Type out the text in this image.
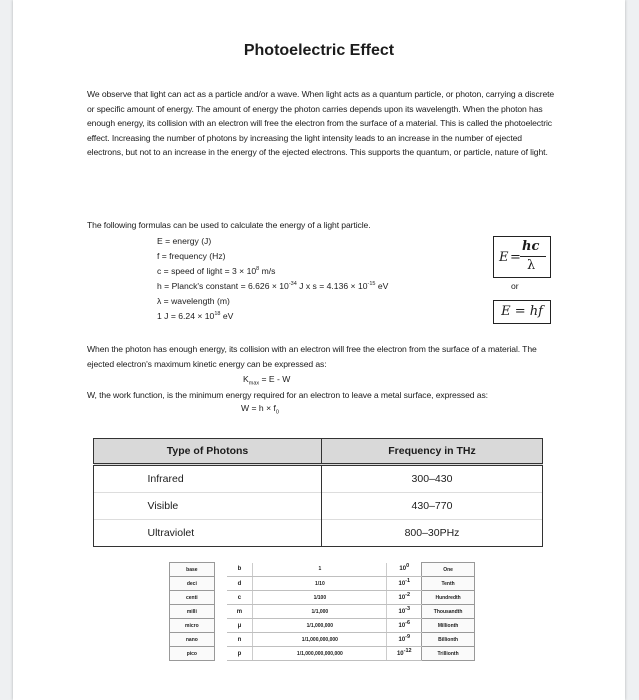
Photoelectric Effect

We observe that light can act as a particle and/or a wave. When light acts as a quantum particle, or photon, carrying a discrete or specific amount of energy. The amount of energy the photon carries depends upon its wavelength. When the photon has enough energy, its collision with an electron will free the electron from the surface of a material. This is called the photoelectric effect. Increasing the number of photons by increasing the light intensity leads to an increase in the number of ejected electrons, but not to an increase in the energy of the ejected electrons. This supports the quantum, or particle, nature of light.

The following formulas can be used to calculate the energy of a light particle.

E = energy (J)
f = frequency (Hz)
c = speed of light = $3 \times 10^8$ m/s
h = Planck's constant = $6.626 \times 10^{-34}$ J x $s = 4.136 \times 10^{-15}$ eV
λ = wavelength (m)
1 $J = 6.24 \times 10^{18}$ eV
E =
hc
λ
or
E = hf

When the photon has enough energy, its collision with an electron will free the electron from the surface of a material. The ejected electron's maximum kinetic energy can be expressed as:

$K_{max} = E - W$

W, the work function, is the minimum energy required for an electron to leave a metal surface, expressed as:

$W = h \times f_0$
Type of Photons	Frequency in THz
Infrared	300–430
Visible	430–770
Ultraviolet	800–30PHz
base		b	1	$10^0$	One
deci		d	1/10	$10^{-1}$	Tenth
centi		c	1/100	$10^{-2}$	Hundredth
milli		m	1/1,000	$10^{-3}$	Thousandth
micro		μ	1/1,000,000	$10^{-6}$	Millionth
nano		n	1/1,000,000,000	$10^{-9}$	Billionth
pico		p	1/1,000,000,000,000	$10^{-12}$	Trillionth
